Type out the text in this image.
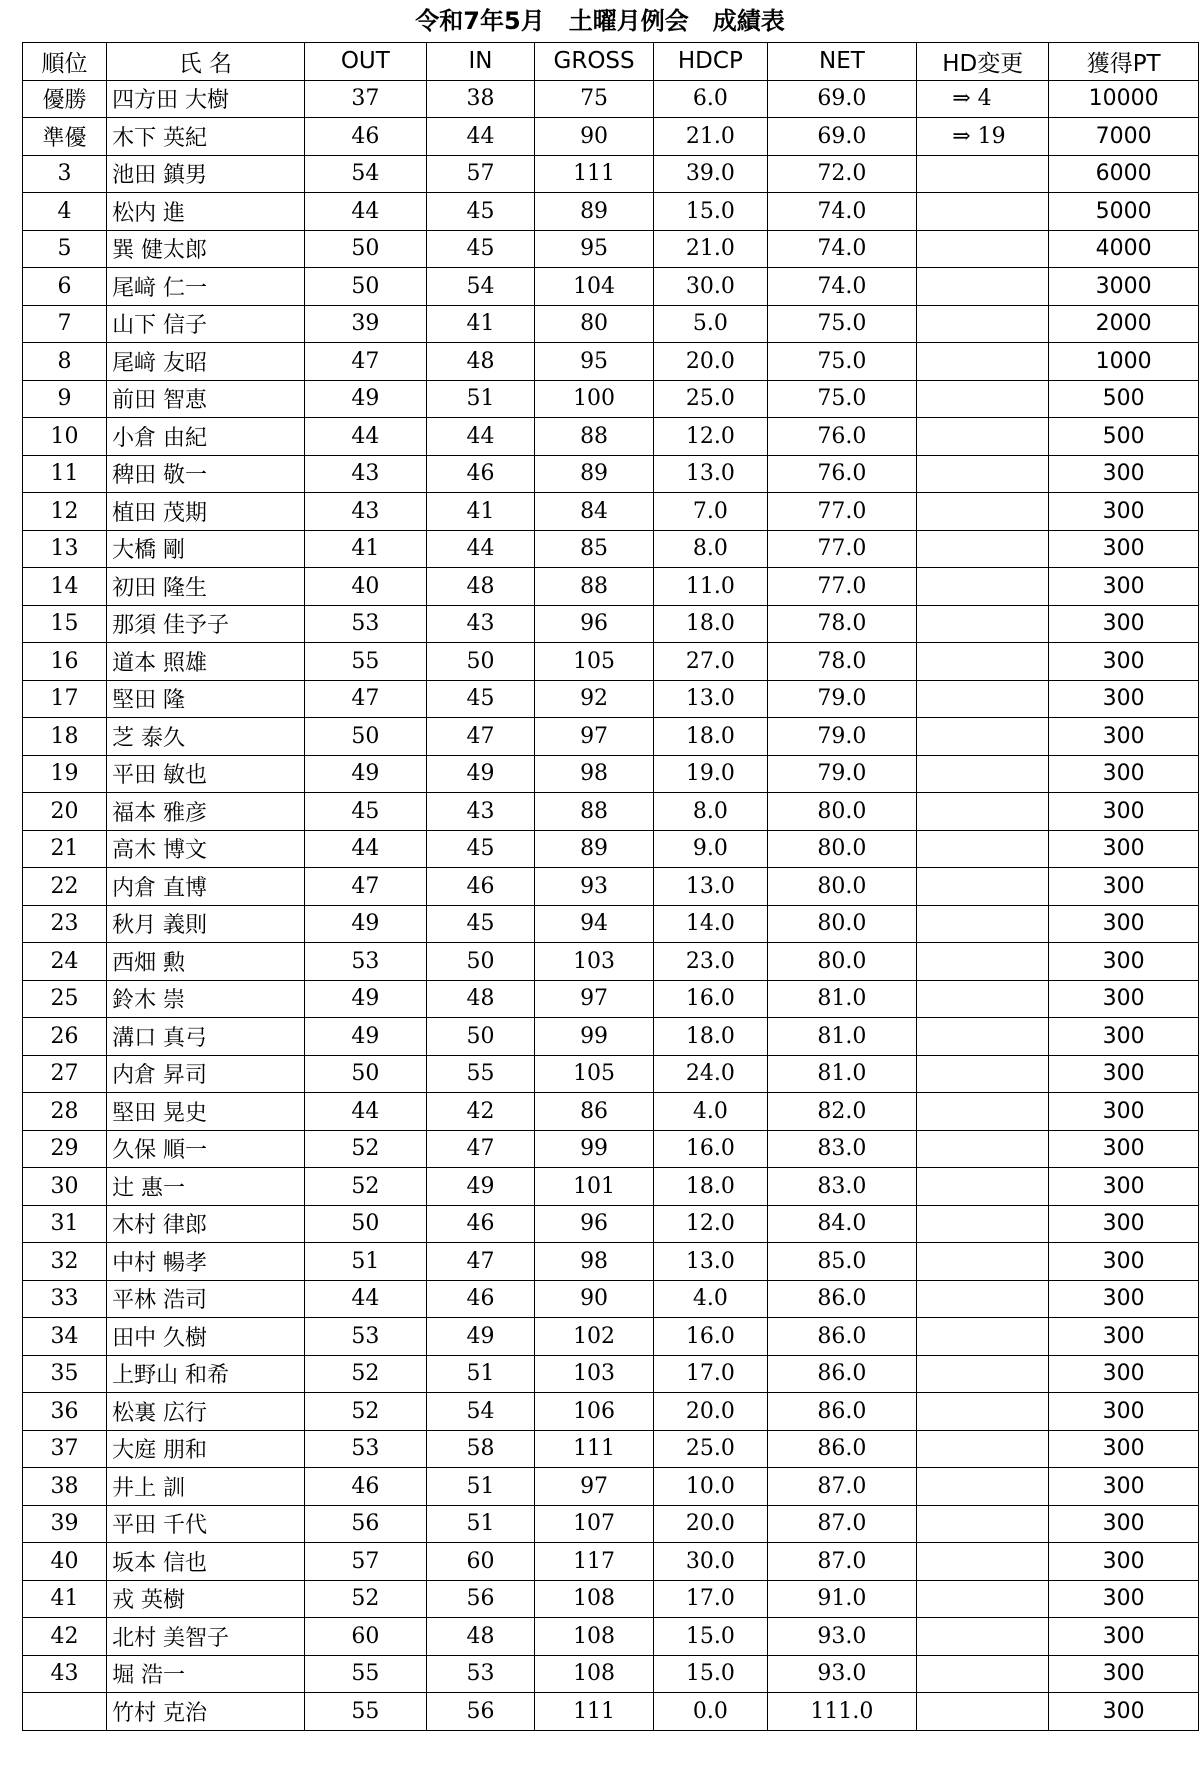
令和7年5月　土曜月例会　成績表
順位	氏 名	OUT	IN	GROSS	HDCP	NET	HD変更	獲得PT
優勝	四方田 大樹	37	38	75	6.0	69.0	⇒ 4	10000
準優	木下 英紀	46	44	90	21.0	69.0	⇒ 19	7000
3	池田 鎮男	54	57	111	39.0	72.0		6000
4	松内 進	44	45	89	15.0	74.0		5000
5	巽 健太郎	50	45	95	21.0	74.0		4000
6	尾﨑 仁一	50	54	104	30.0	74.0		3000
7	山下 信子	39	41	80	5.0	75.0		2000
8	尾﨑 友昭	47	48	95	20.0	75.0		1000
9	前田 智恵	49	51	100	25.0	75.0		500
10	小倉 由紀	44	44	88	12.0	76.0		500
11	稗田 敬一	43	46	89	13.0	76.0		300
12	植田 茂期	43	41	84	7.0	77.0		300
13	大橋 剛	41	44	85	8.0	77.0		300
14	初田 隆生	40	48	88	11.0	77.0		300
15	那須 佳予子	53	43	96	18.0	78.0		300
16	道本 照雄	55	50	105	27.0	78.0		300
17	堅田 隆	47	45	92	13.0	79.0		300
18	芝 泰久	50	47	97	18.0	79.0		300
19	平田 敏也	49	49	98	19.0	79.0		300
20	福本 雅彦	45	43	88	8.0	80.0		300
21	高木 博文	44	45	89	9.0	80.0		300
22	内倉 直博	47	46	93	13.0	80.0		300
23	秋月 義則	49	45	94	14.0	80.0		300
24	西畑 勲	53	50	103	23.0	80.0		300
25	鈴木 崇	49	48	97	16.0	81.0		300
26	溝口 真弓	49	50	99	18.0	81.0		300
27	内倉 昇司	50	55	105	24.0	81.0		300
28	堅田 晃史	44	42	86	4.0	82.0		300
29	久保 順一	52	47	99	16.0	83.0		300
30	辻 惠一	52	49	101	18.0	83.0		300
31	木村 律郎	50	46	96	12.0	84.0		300
32	中村 暢孝	51	47	98	13.0	85.0		300
33	平林 浩司	44	46	90	4.0	86.0		300
34	田中 久樹	53	49	102	16.0	86.0		300
35	上野山 和希	52	51	103	17.0	86.0		300
36	松裏 広行	52	54	106	20.0	86.0		300
37	大庭 朋和	53	58	111	25.0	86.0		300
38	井上 訓	46	51	97	10.0	87.0		300
39	平田 千代	56	51	107	20.0	87.0		300
40	坂本 信也	57	60	117	30.0	87.0		300
41	戎 英樹	52	56	108	17.0	91.0		300
42	北村 美智子	60	48	108	15.0	93.0		300
43	堀 浩一	55	53	108	15.0	93.0		300
	竹村 克治	55	56	111	0.0	111.0		300
